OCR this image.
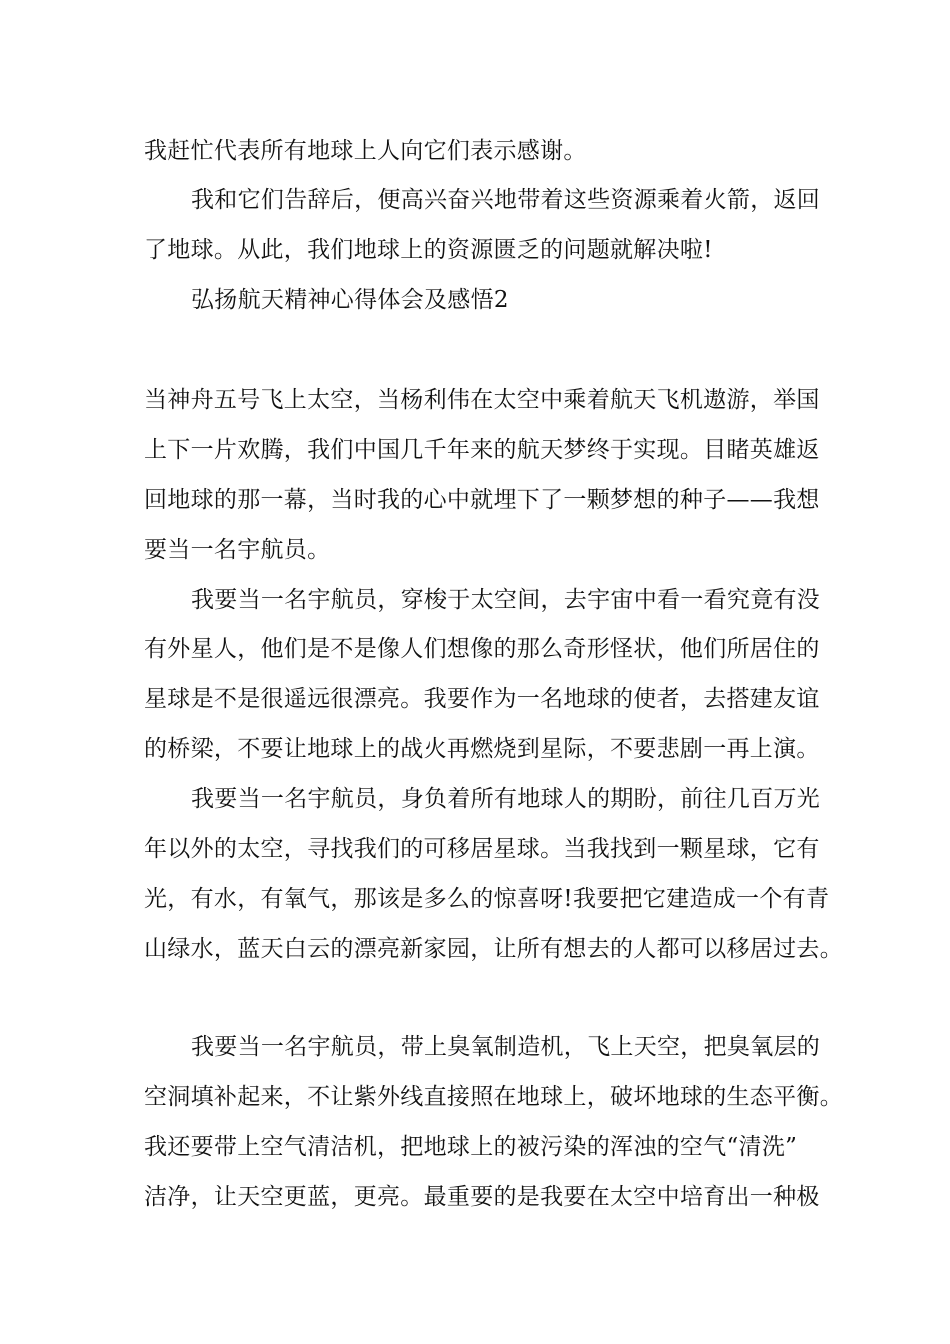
我赶忙代表所有地球上人向它们表示感谢。
我和它们告辞后，便高兴奋兴地带着这些资源乘着火箭，返回
了地球。从此，我们地球上的资源匮乏的问题就解决啦!
弘扬航天精神心得体会及感悟2
当神舟五号飞上太空，当杨利伟在太空中乘着航天飞机遨游，举国
上下一片欢腾，我们中国几千年来的航天梦终于实现。目睹英雄返
回地球的那一幕，当时我的心中就埋下了一颗梦想的种子——我想
要当一名宇航员。
我要当一名宇航员，穿梭于太空间，去宇宙中看一看究竟有没
有外星人，他们是不是像人们想像的那么奇形怪状，他们所居住的
星球是不是很遥远很漂亮。我要作为一名地球的使者，去搭建友谊
的桥梁，不要让地球上的战火再燃烧到星际，不要悲剧一再上演。
我要当一名宇航员，身负着所有地球人的期盼，前往几百万光
年以外的太空，寻找我们的可移居星球。当我找到一颗星球，它有
光，有水，有氧气，那该是多么的惊喜呀!我要把它建造成一个有青
山绿水，蓝天白云的漂亮新家园，让所有想去的人都可以移居过去。
我要当一名宇航员，带上臭氧制造机，飞上天空，把臭氧层的
空洞填补起来，不让紫外线直接照在地球上，破坏地球的生态平衡。
我还要带上空气清洁机，把地球上的被污染的浑浊的空气“清洗”
洁净，让天空更蓝，更亮。最重要的是我要在太空中培育出一种极
